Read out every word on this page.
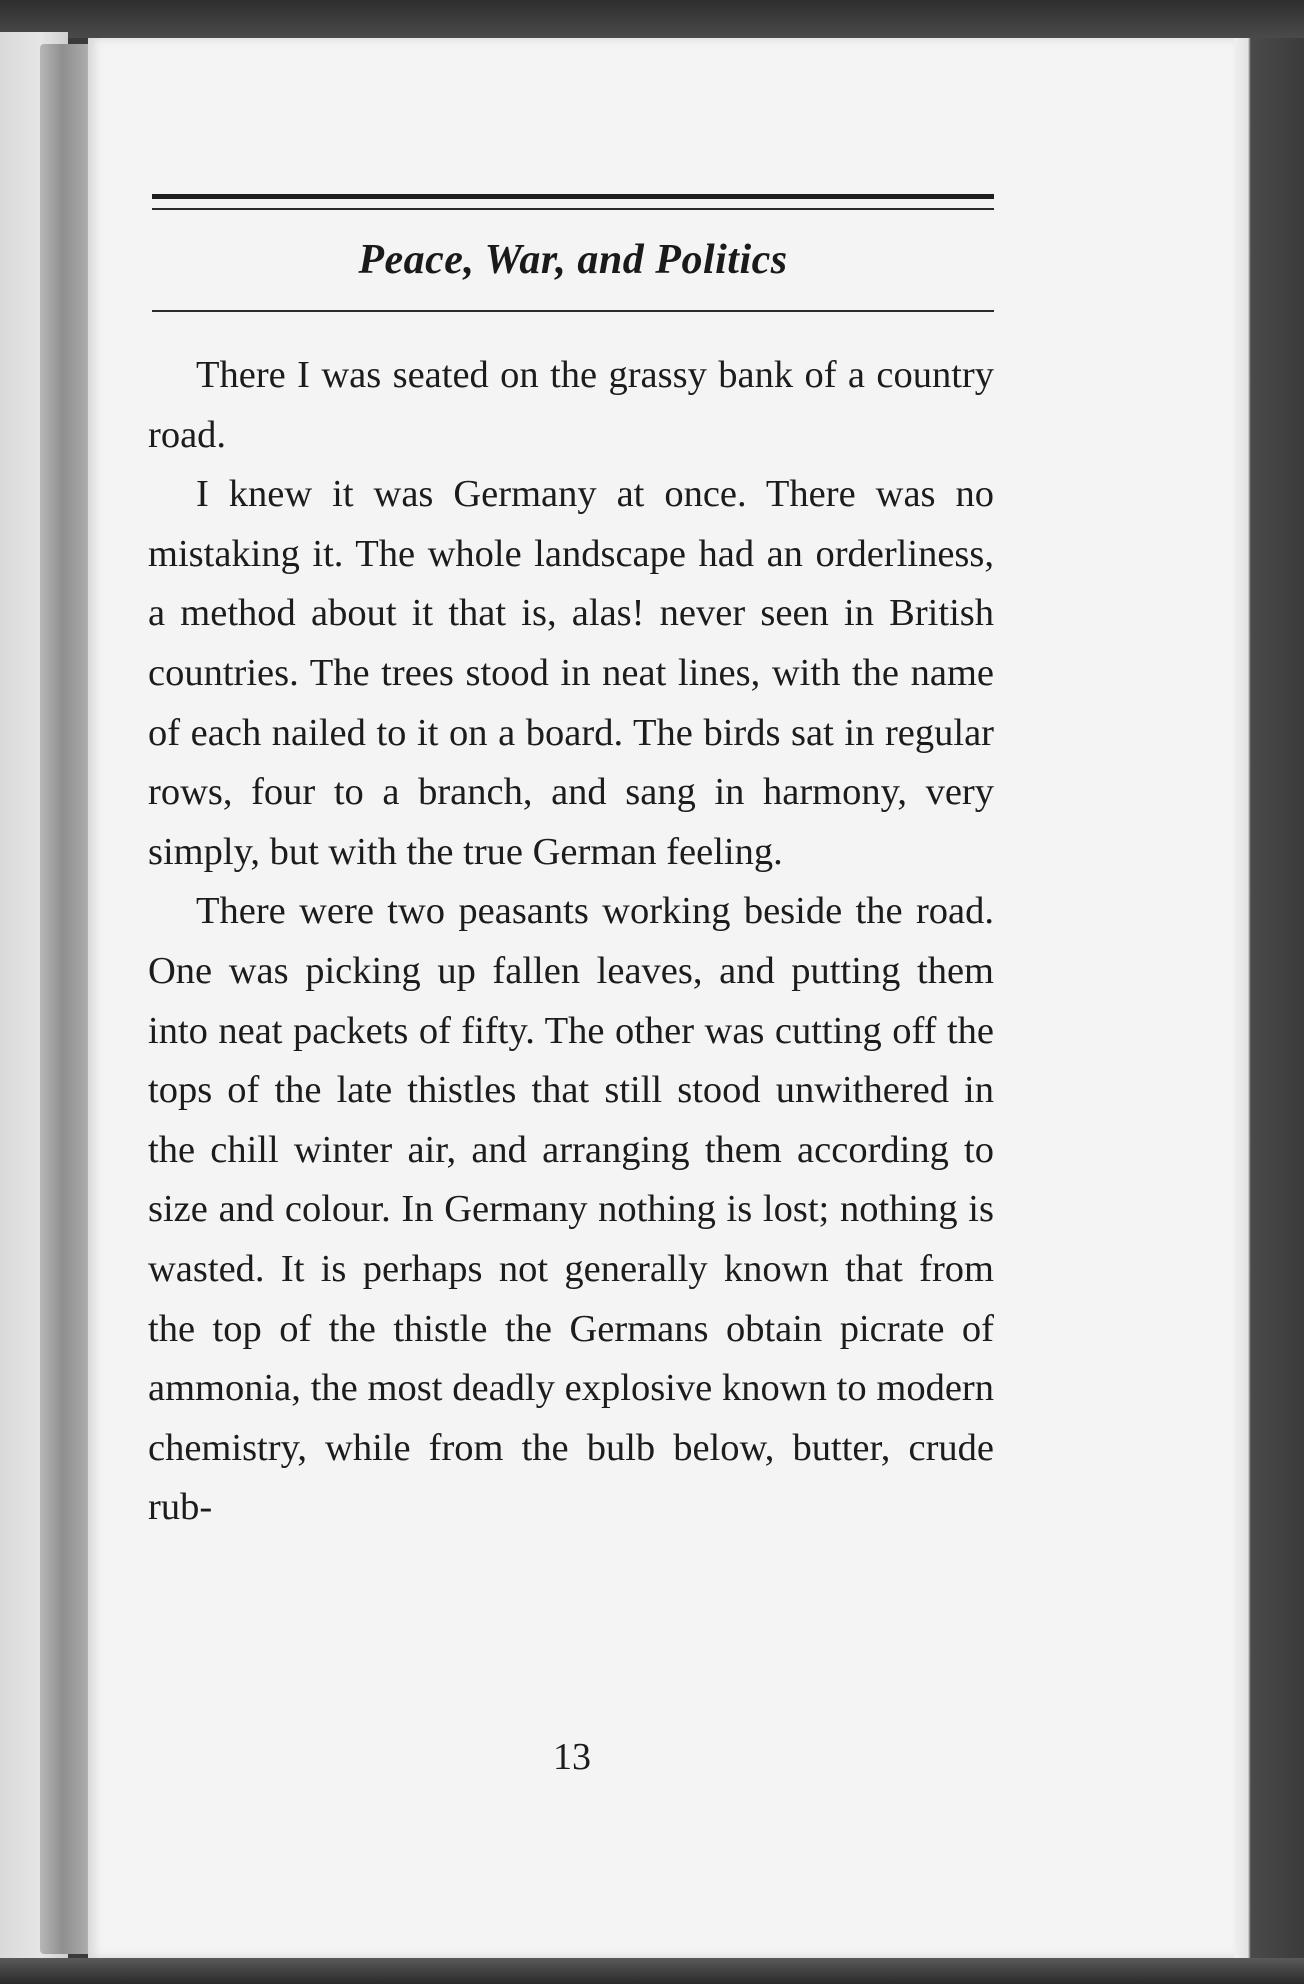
Peace, War, and Politics

There I was seated on the grassy bank of a country road.

I knew it was Germany at once. There was no mistaking it. The whole landscape had an orderliness, a method about it that is, alas! never seen in British countries. The trees stood in neat lines, with the name of each nailed to it on a board. The birds sat in regular rows, four to a branch, and sang in harmony, very simply, but with the true German feeling.

There were two peasants working beside the road. One was picking up fallen leaves, and putting them into neat packets of fifty. The other was cutting off the tops of the late thistles that still stood unwithered in the chill winter air, and arranging them according to size and colour. In Germany nothing is lost; nothing is wasted. It is perhaps not generally known that from the top of the thistle the Germans obtain picrate of ammonia, the most deadly explosive known to modern chemistry, while from the bulb below, butter, crude rub-

13
